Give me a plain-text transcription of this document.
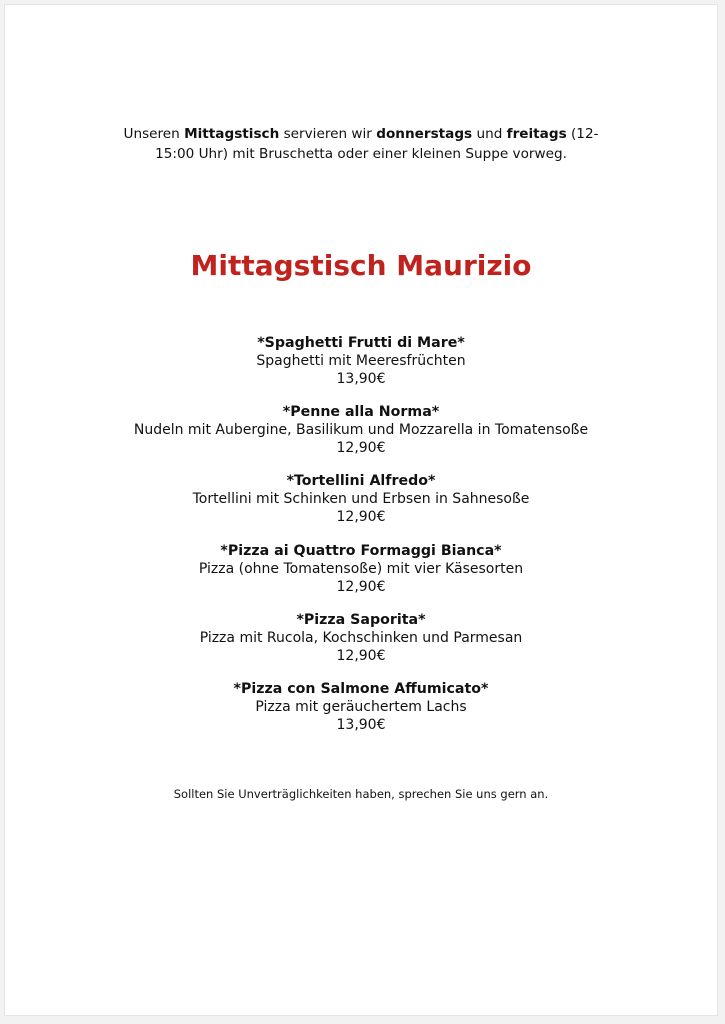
Unseren Mittagstisch servieren wir donnerstags und freitags (12-
15:00 Uhr) mit Bruschetta oder einer kleinen Suppe vorweg.

Mittagstisch Maurizio
*Spaghetti Frutti di Mare*
Spaghetti mit Meeresfrüchten
13,90€
*Penne alla Norma*
Nudeln mit Aubergine, Basilikum und Mozzarella in Tomatensoße
12,90€
*Tortellini Alfredo*
Tortellini mit Schinken und Erbsen in Sahnesoße
12,90€
*Pizza ai Quattro Formaggi Bianca*
Pizza (ohne Tomatensoße) mit vier Käsesorten
12,90€
*Pizza Saporita*
Pizza mit Rucola, Kochschinken und Parmesan
12,90€
*Pizza con Salmone Affumicato*
Pizza mit geräuchertem Lachs
13,90€

Sollten Sie Unverträglichkeiten haben, sprechen Sie uns gern an.
